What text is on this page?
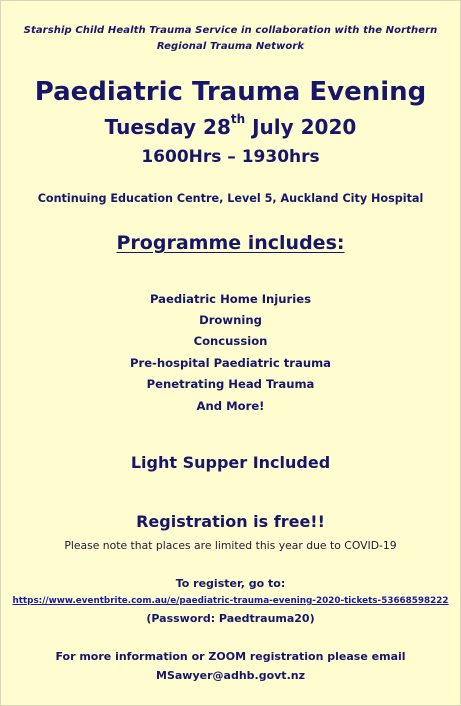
Starship Child Health Trauma Service in collaboration with the Northern
Regional Trauma Network
Paediatric Trauma Evening
Tuesday 28th July 2020
1600Hrs – 1930hrs
Continuing Education Centre, Level 5, Auckland City Hospital
Programme includes:
Paediatric Home Injuries
Drowning
Concussion
Pre-hospital Paediatric trauma
Penetrating Head Trauma
And More!
Light Supper Included
Registration is free!!
Please note that places are limited this year due to COVID-19
To register, go to:
https://www.eventbrite.com.au/e/paediatric-trauma-evening-2020-tickets-53668598222
(Password: Paedtrauma20)
For more information or ZOOM registration please email
MSawyer@adhb.govt.nz
